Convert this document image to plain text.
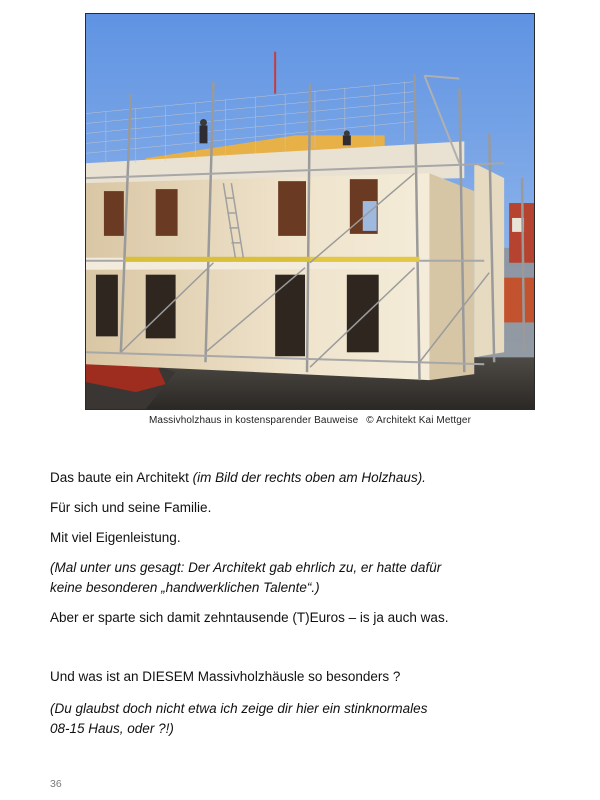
Massivholzhaus in kostensparender Bauweise © Architekt Kai Mettger

Das baute ein Architekt (im Bild der rechts oben am Holzhaus).

Für sich und seine Familie.

Mit viel Eigenleistung.

(Mal unter uns gesagt: Der Architekt gab ehrlich zu, er hatte dafür
keine besonderen „handwerklichen Talente“.)

Aber er sparte sich damit zehntausende (T)Euros – is ja auch was.

Und was ist an DIESEM Massivholzhäusle so besonders ?

(Du glaubst doch nicht etwa ich zeige dir hier ein stinknormales
08-15 Haus, oder ?!)

36
